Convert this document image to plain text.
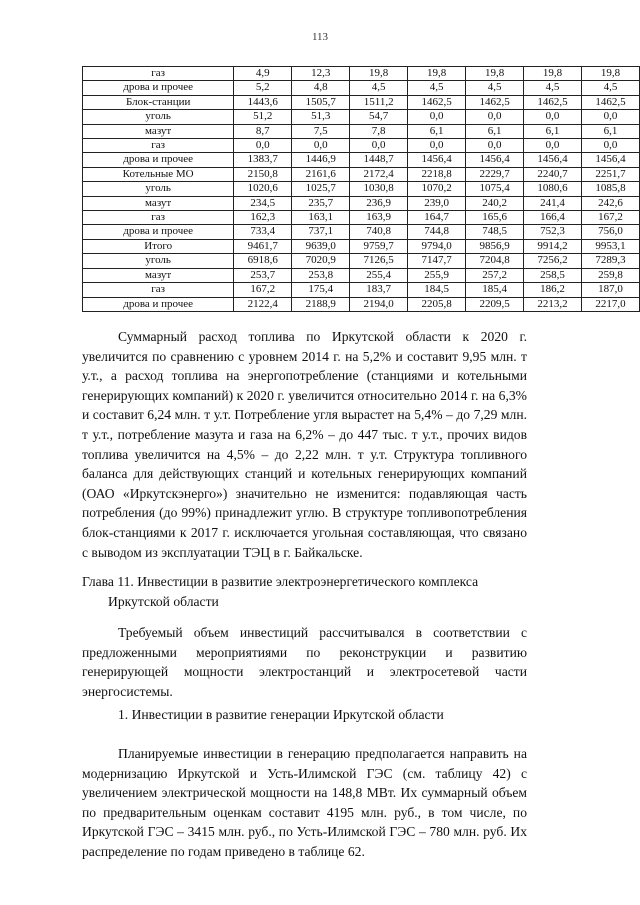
113
газ	4,9	12,3	19,8	19,8	19,8	19,8	19,8
дрова и прочее	5,2	4,8	4,5	4,5	4,5	4,5	4,5
Блок-станции	1443,6	1505,7	1511,2	1462,5	1462,5	1462,5	1462,5
уголь	51,2	51,3	54,7	0,0	0,0	0,0	0,0
мазут	8,7	7,5	7,8	6,1	6,1	6,1	6,1
газ	0,0	0,0	0,0	0,0	0,0	0,0	0,0
дрова и прочее	1383,7	1446,9	1448,7	1456,4	1456,4	1456,4	1456,4
Котельные МО	2150,8	2161,6	2172,4	2218,8	2229,7	2240,7	2251,7
уголь	1020,6	1025,7	1030,8	1070,2	1075,4	1080,6	1085,8
мазут	234,5	235,7	236,9	239,0	240,2	241,4	242,6
газ	162,3	163,1	163,9	164,7	165,6	166,4	167,2
дрова и прочее	733,4	737,1	740,8	744,8	748,5	752,3	756,0
Итого	9461,7	9639,0	9759,7	9794,0	9856,9	9914,2	9953,1
уголь	6918,6	7020,9	7126,5	7147,7	7204,8	7256,2	7289,3
мазут	253,7	253,8	255,4	255,9	257,2	258,5	259,8
газ	167,2	175,4	183,7	184,5	185,4	186,2	187,0
дрова и прочее	2122,4	2188,9	2194,0	2205,8	2209,5	2213,2	2217,0

Суммарный расход топлива по Иркутской области к 2020 г. увеличится по сравнению с уровнем 2014 г. на 5,2% и составит 9,95 млн. т у.т., а расход топлива на энергопотребление (станциями и котельными генерирующих компаний) к 2020 г. увеличится относительно 2014 г. на 6,3% и составит 6,24 млн. т у.т. Потребление угля вырастет на 5,4% – до 7,29 млн. т у.т., потребление мазута и газа на 6,2% – до 447 тыс. т у.т., прочих видов топлива увеличится на 4,5% – до 2,22 млн. т у.т. Структура топливного баланса для действующих станций и котельных генерирующих компаний (ОАО «Иркутскэнерго») значительно не изменится: подавляющая часть потребления (до 99%) принадлежит углю. В структуре топливопотребления блок-станциями к 2017 г. исключается угольная составляющая, что связано с выводом из эксплуатации ТЭЦ в г. Байкальске.

Глава 11. Инвестиции в развитие электроэнергетического комплекса
Иркутской области

Требуемый объем инвестиций рассчитывался в соответствии с предложенными мероприятиями по реконструкции и развитию генерирующей мощности электростанций и электросетевой части энергосистемы.

1. Инвестиции в развитие генерации Иркутской области

Планируемые инвестиции в генерацию предполагается направить на модернизацию Иркутской и Усть-Илимской ГЭС (см. таблицу 42) с увеличением электрической мощности на 148,8 МВт. Их суммарный объем по предварительным оценкам составит 4195 млн. руб., в том числе, по Иркутской ГЭС – 3415 млн. руб., по Усть-Илимской ГЭС – 780 млн. руб. Их распределение по годам приведено в таблице 62.
